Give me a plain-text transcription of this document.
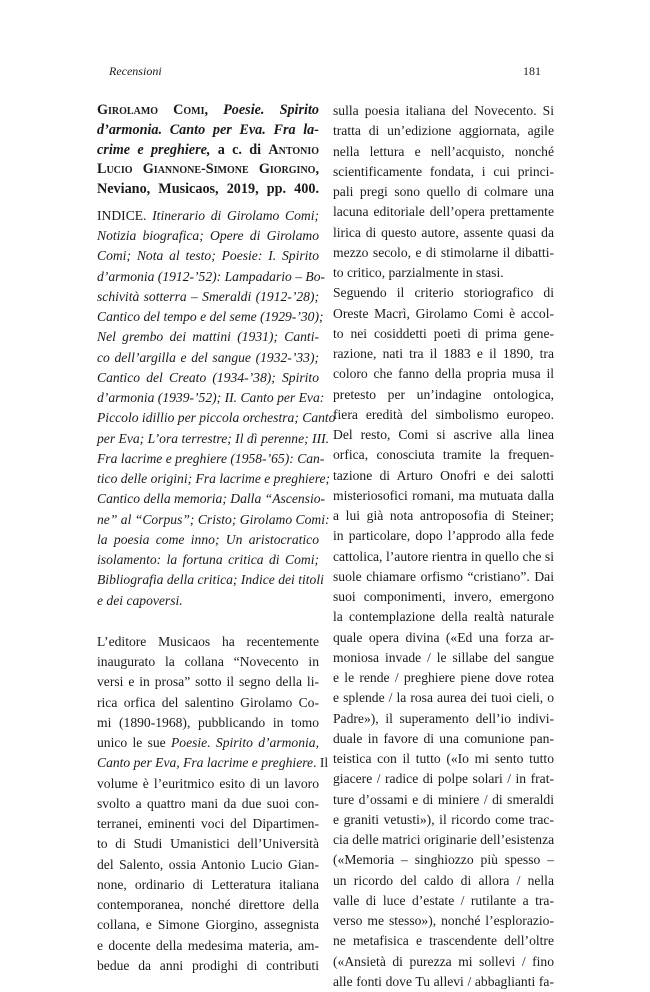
Recensioni	181
Girolamo Comi, Poesie. Spirito
d’armonia. Canto per Eva. Fra la-
crime e preghiere, a c. di Antonio
Lucio Giannone-Simone Giorgino,
Neviano, Musicaos, 2019, pp. 400.
INDICE. Itinerario di Girolamo Comi;
Notizia biografica; Opere di Girolamo
Comi; Nota al testo; Poesie: I. Spirito
d’armonia (1912-’52): Lampadario – Bo-
schività sotterra – Smeraldi (1912-’28);
Cantico del tempo e del seme (1929-’30);
Nel grembo dei mattini (1931); Canti-
co dell’argilla e del sangue (1932-’33);
Cantico del Creato (1934-’38); Spirito
d’armonia (1939-’52); II. Canto per Eva:
Piccolo idillio per piccola orchestra; Canto
per Eva; L’ora terrestre; Il dì perenne; III.
Fra lacrime e preghiere (1958-’65): Can-
tico delle origini; Fra lacrime e preghiere;
Cantico della memoria; Dalla “Ascensio-
ne” al “Corpus”; Cristo; Girolamo Comi:
la poesia come inno; Un aristocratico
isolamento: la fortuna critica di Comi;
Bibliografia della critica; Indice dei titoli
e dei capoversi.
L’editore Musicaos ha recentemente
inaugurato la collana “Novecento in
versi e in prosa” sotto il segno della li-
rica orfica del salentino Girolamo Co-
mi (1890-1968), pubblicando in tomo
unico le sue Poesie. Spirito d’armonia,
Canto per Eva, Fra lacrime e preghiere. Il
volume è l’euritmico esito di un lavoro
svolto a quattro mani da due suoi con-
terranei, eminenti voci del Dipartimen-
to di Studi Umanistici dell’Università
del Salento, ossia Antonio Lucio Gian-
none, ordinario di Letteratura italiana
contemporanea, nonché direttore della
collana, e Simone Giorgino, assegnista
e docente della medesima materia, am-
bedue da anni prodighi di contributi
sulla poesia italiana del Novecento. Si
tratta di un’edizione aggiornata, agile
nella lettura e nell’acquisto, nonché
scientificamente fondata, i cui princi-
pali pregi sono quello di colmare una
lacuna editoriale dell’opera prettamente
lirica di questo autore, assente quasi da
mezzo secolo, e di stimolarne il dibatti-
to critico, parzialmente in stasi.
Seguendo il criterio storiografico di
Oreste Macrì, Girolamo Comi è accol-
to nei cosiddetti poeti di prima gene-
razione, nati tra il 1883 e il 1890, tra
coloro che fanno della propria musa il
pretesto per un’indagine ontologica,
fiera eredità del simbolismo europeo.
Del resto, Comi si ascrive alla linea
orfica, conosciuta tramite la frequen-
tazione di Arturo Onofri e dei salotti
misteriosofici romani, ma mutuata dalla
a lui già nota antroposofia di Steiner;
in particolare, dopo l’approdo alla fede
cattolica, l’autore rientra in quello che si
suole chiamare orfismo “cristiano”. Dai
suoi componimenti, invero, emergono
la contemplazione della realtà naturale
quale opera divina («Ed una forza ar-
moniosa invade / le sillabe del sangue
e le rende / preghiere piene dove rotea
e splende / la rosa aurea dei tuoi cieli, o
Padre»), il superamento dell’io indivi-
duale in favore di una comunione pan-
teistica con il tutto («Io mi sento tutto
giacere / radice di polpe solari / in frat-
ture d’ossami e di miniere / di smeraldi
e graniti vetusti»), il ricordo come trac-
cia delle matrici originarie dell’esistenza
(«Memoria – singhiozzo più spesso –
un ricordo del caldo di allora / nella
valle di luce d’estate / rutilante a tra-
verso me stesso»), nonché l’esplorazio-
ne metafisica e trascendente dell’oltre
(«Ansietà di purezza mi sollevi / fino
alle fonti dove Tu allevi / abbaglianti fa-
